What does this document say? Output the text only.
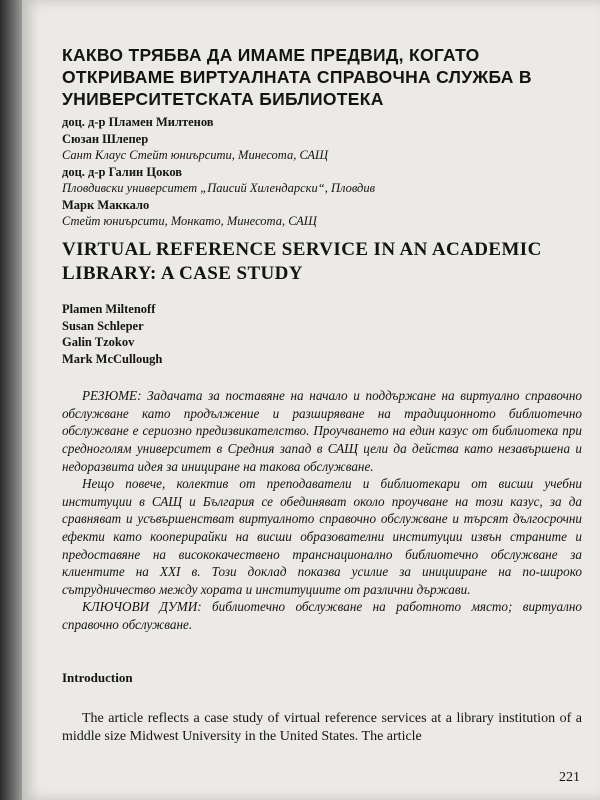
КАКВО ТРЯБВА ДА ИМАМЕ ПРЕДВИД, КОГАТО ОТКРИВАМЕ ВИРТУАЛНАТА СПРАВОЧНА СЛУЖБА В УНИВЕРСИТЕТСКАТА БИБЛИОТЕКА
доц. д-р Пламен Милтенов
Сюзан Шлепер
Сант Клаус Стейт юниърсити, Минесота, САЩ
доц. д-р Галин Цоков
Пловдивски университет „Паисий Хилендарски“, Пловдив
Марк Маккало
Стейт юниърсити, Монкато, Минесота, САЩ
VIRTUAL REFERENCE SERVICE IN AN ACADEMIC LIBRARY: A CASE STUDY
Plamen Miltenoff
Susan Schleper
Galin Tzokov
Mark McCullough

РЕЗЮМЕ: Задачата за поставяне на начало и поддържане на виртуално справочно обслужване като продължение и разширяване на традиционното библиотечно обслужване е сериозно предизвикателство. Проучването на един казус от библиотека при средноголям университет в Средния запад в САЩ цели да действа като незавършена и недоразвита идея за инициране на такова обслужване.

Нещо повече, колектив от преподаватели и библиотекари от висши учебни институции в САЩ и България се обединяват около проучване на този казус, за да сравняват и усъвършенстват виртуалното справочно обслужване и търсят дългосрочни ефекти като кооперирайки на висши образователни институции извън страните и предоставяне на висококачествено транснационално библиотечно обслужване за клиентите на XXI в. Този доклад показва усилие за иницииране на по-широко сътрудничество между хората и институциите от различни държави.

КЛЮЧОВИ ДУМИ: библиотечно обслужване на работното място; виртуално справочно обслужване.
Introduction
The article reflects a case study of virtual reference services at a library institution of a middle size Midwest University in the United States. The article
221
